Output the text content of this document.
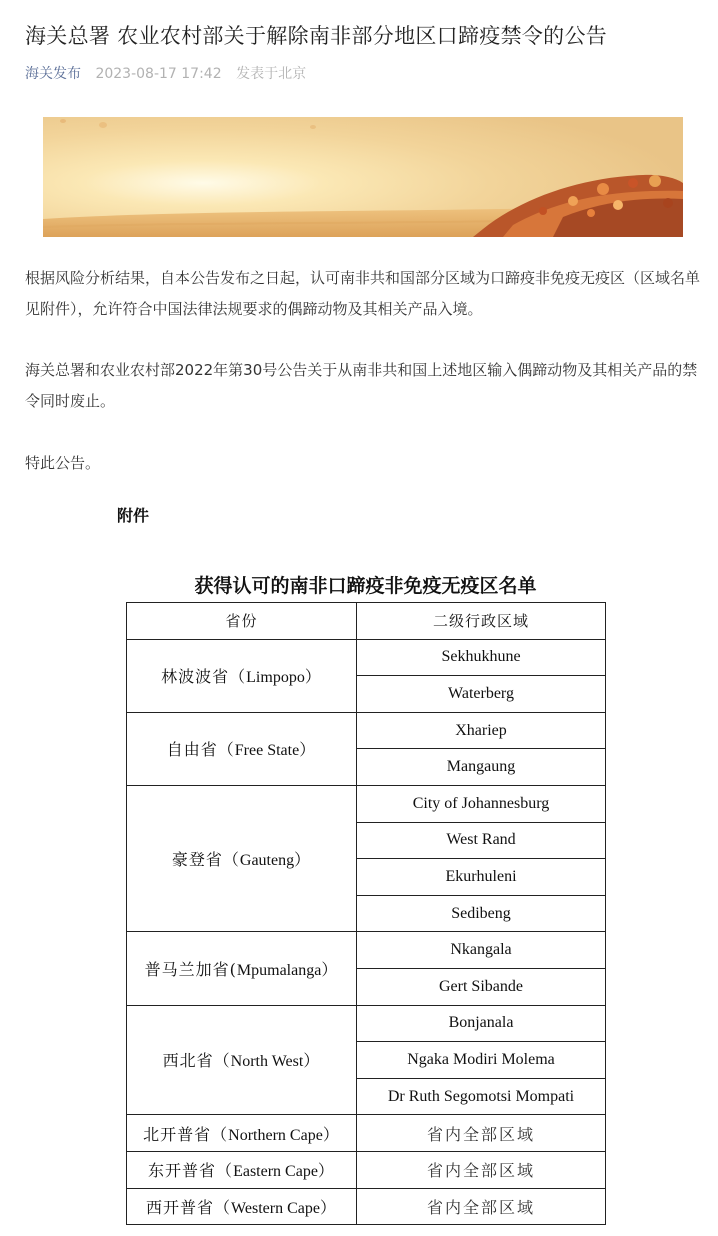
海关总署 农业农村部关于解除南非部分地区口蹄疫禁令的公告
海关发布 2023-08-17 17:42 发表于北京
根据风险分析结果，自本公告发布之日起，认可南非共和国部分区域为口蹄疫非免疫无疫区（区域名单见附件），允许符合中国法律法规要求的偶蹄动物及其相关产品入境。
海关总署和农业农村部2022年第30号公告关于从南非共和国上述地区输入偶蹄动物及其相关产品的禁令同时废止。
特此公告。
附件
获得认可的南非口蹄疫非免疫无疫区名单
省份	二级行政区域
林波波省（Limpopo）	Sekhukhune
	Waterberg
自由省（Free State）	Xhariep
	Mangaung
豪登省（Gauteng）	City of Johannesburg
	West Rand
	Ekurhuleni
	Sedibeng
普马兰加省(Mpumalanga）	Nkangala
	Gert Sibande
西北省（North West）	Bonjanala
	Ngaka Modiri Molema
	Dr Ruth Segomotsi Mompati
北开普省（Northern Cape）	省内全部区域
东开普省（Eastern Cape）	省内全部区域
西开普省（Western Cape）	省内全部区域
